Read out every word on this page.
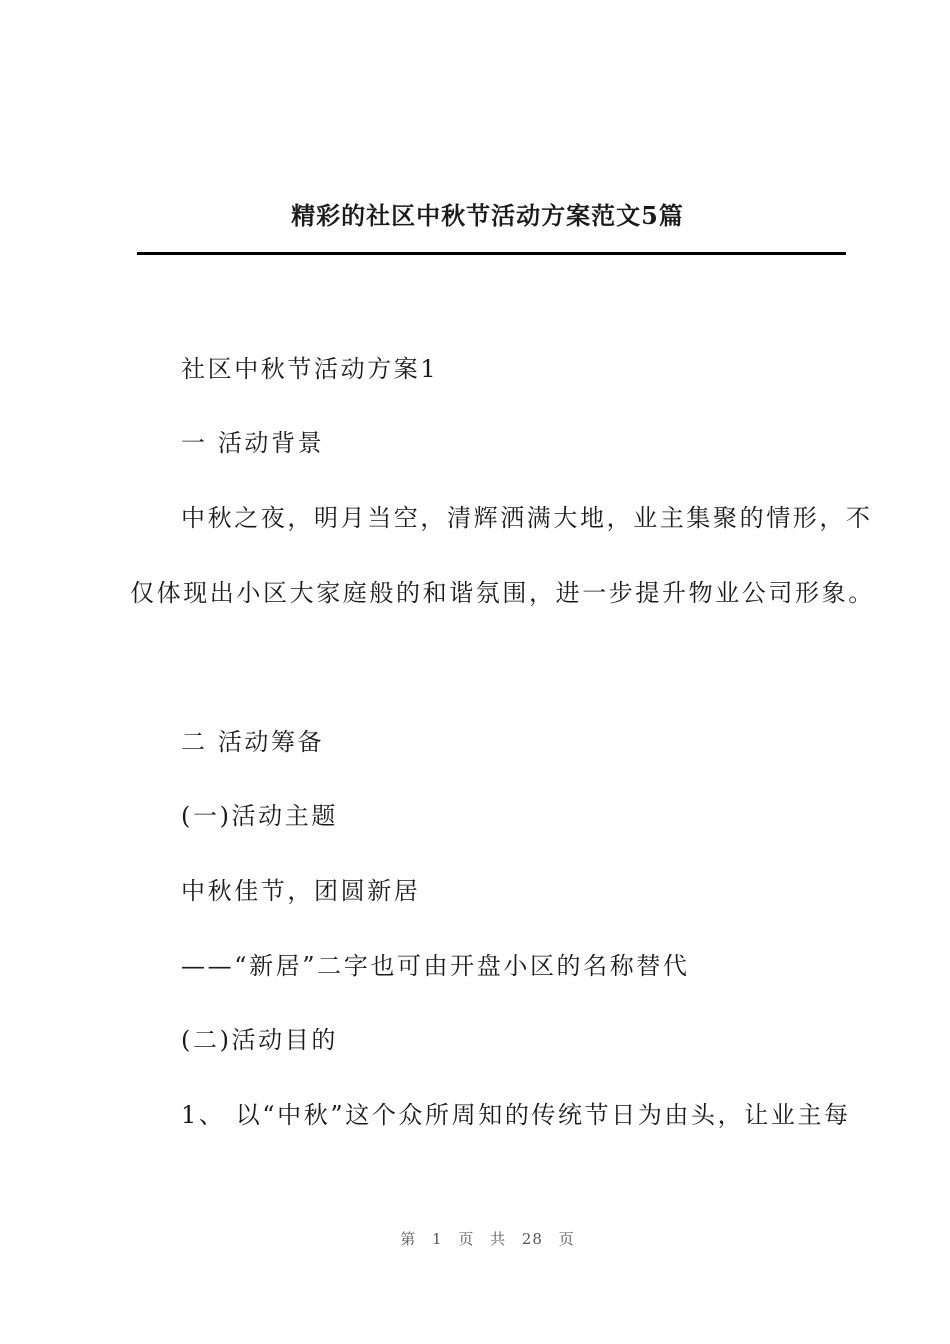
精彩的社区中秋节活动方案范文5篇

社区中秋节活动方案1

一 活动背景

中秋之夜，明月当空，清辉洒满大地，业主集聚的情形，不

仅体现出小区大家庭般的和谐氛围，进一步提升物业公司形象。

二 活动筹备

(一)活动主题

中秋佳节，团圆新居

——“新居”二字也可由开盘小区的名称替代

(二)活动目的

1、 以“中秋”这个众所周知的传统节日为由头，让业主每

第 1 页 共 28 页
